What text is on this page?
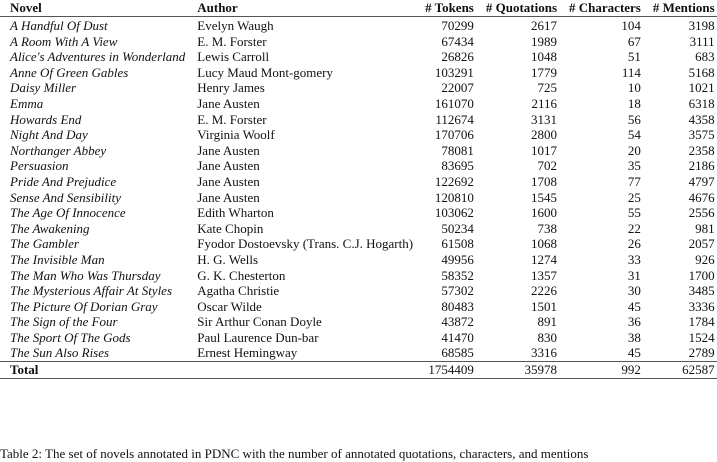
Novel	Author	# Tokens	# Quotations	# Characters	# Mentions
A Handful Of Dust	Evelyn Waugh	70299	2617	104	3198
A Room With A View	E. M. Forster	67434	1989	67	3111
Alice's Adventures in Wonderland	Lewis Carroll	26826	1048	51	683
Anne Of Green Gables	Lucy Maud Mont-gomery	103291	1779	114	5168
Daisy Miller	Henry James	22007	725	10	1021
Emma	Jane Austen	161070	2116	18	6318
Howards End	E. M. Forster	112674	3131	56	4358
Night And Day	Virginia Woolf	170706	2800	54	3575
Northanger Abbey	Jane Austen	78081	1017	20	2358
Persuasion	Jane Austen	83695	702	35	2186
Pride And Prejudice	Jane Austen	122692	1708	77	4797
Sense And Sensibility	Jane Austen	120810	1545	25	4676
The Age Of Innocence	Edith Wharton	103062	1600	55	2556
The Awakening	Kate Chopin	50234	738	22	981
The Gambler	Fyodor Dostoevsky (Trans. C.J. Hogarth)	61508	1068	26	2057
The Invisible Man	H. G. Wells	49956	1274	33	926
The Man Who Was Thursday	G. K. Chesterton	58352	1357	31	1700
The Mysterious Affair At Styles	Agatha Christie	57302	2226	30	3485
The Picture Of Dorian Gray	Oscar Wilde	80483	1501	45	3336
The Sign of the Four	Sir Arthur Conan Doyle	43872	891	36	1784
The Sport Of The Gods	Paul Laurence Dun-bar	41470	830	38	1524
The Sun Also Rises	Ernest Hemingway	68585	3316	45	2789
Total		1754409	35978	992	62587
Table 2: The set of novels annotated in PDNC with the number of annotated quotations, characters, and mentions
